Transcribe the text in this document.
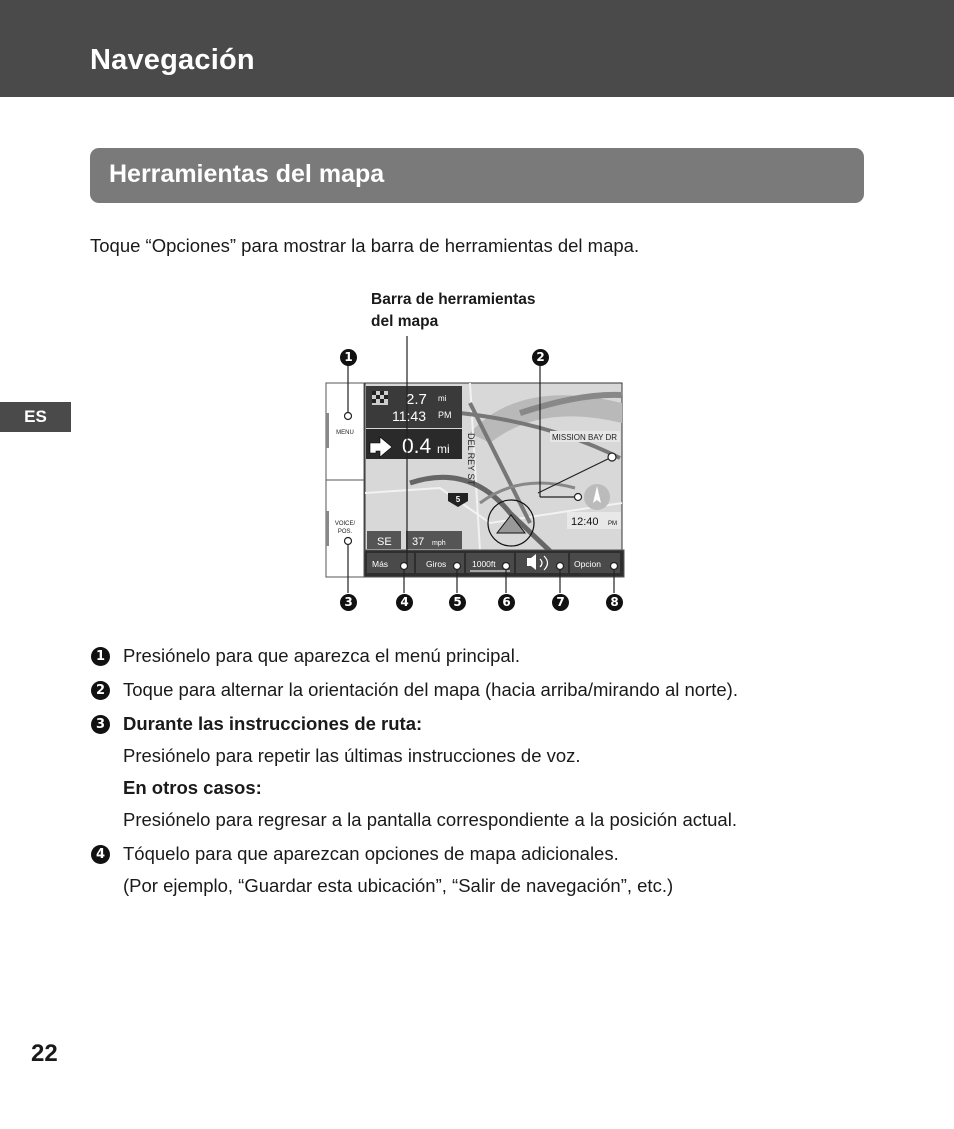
Navegación
Herramientas del mapa
ES
Toque “Opciones” para mostrar la barra de herramientas del mapa.
Barra de herramientas
del mapa
MENU
VOICE/
POS.
2.7 mi
11:43 PM
0.4 mi DEL REY ST	MISSION BAY DR
5
12:40 PM
SE 37 mph
Más	Giros	1000ft	Opcion
1	2
3	4	5	6	7	8
1 Presiónelo para que aparezca el menú principal.
2 Toque para alternar la orientación del mapa (hacia arriba/mirando al norte).
3 Durante las instrucciones de ruta:
Presiónelo para repetir las últimas instrucciones de voz.
En otros casos:
Presiónelo para regresar a la pantalla correspondiente a la posición actual.
4 Tóquelo para que aparezcan opciones de mapa adicionales.
(Por ejemplo, “Guardar esta ubicación”, “Salir de navegación”, etc.)
22
